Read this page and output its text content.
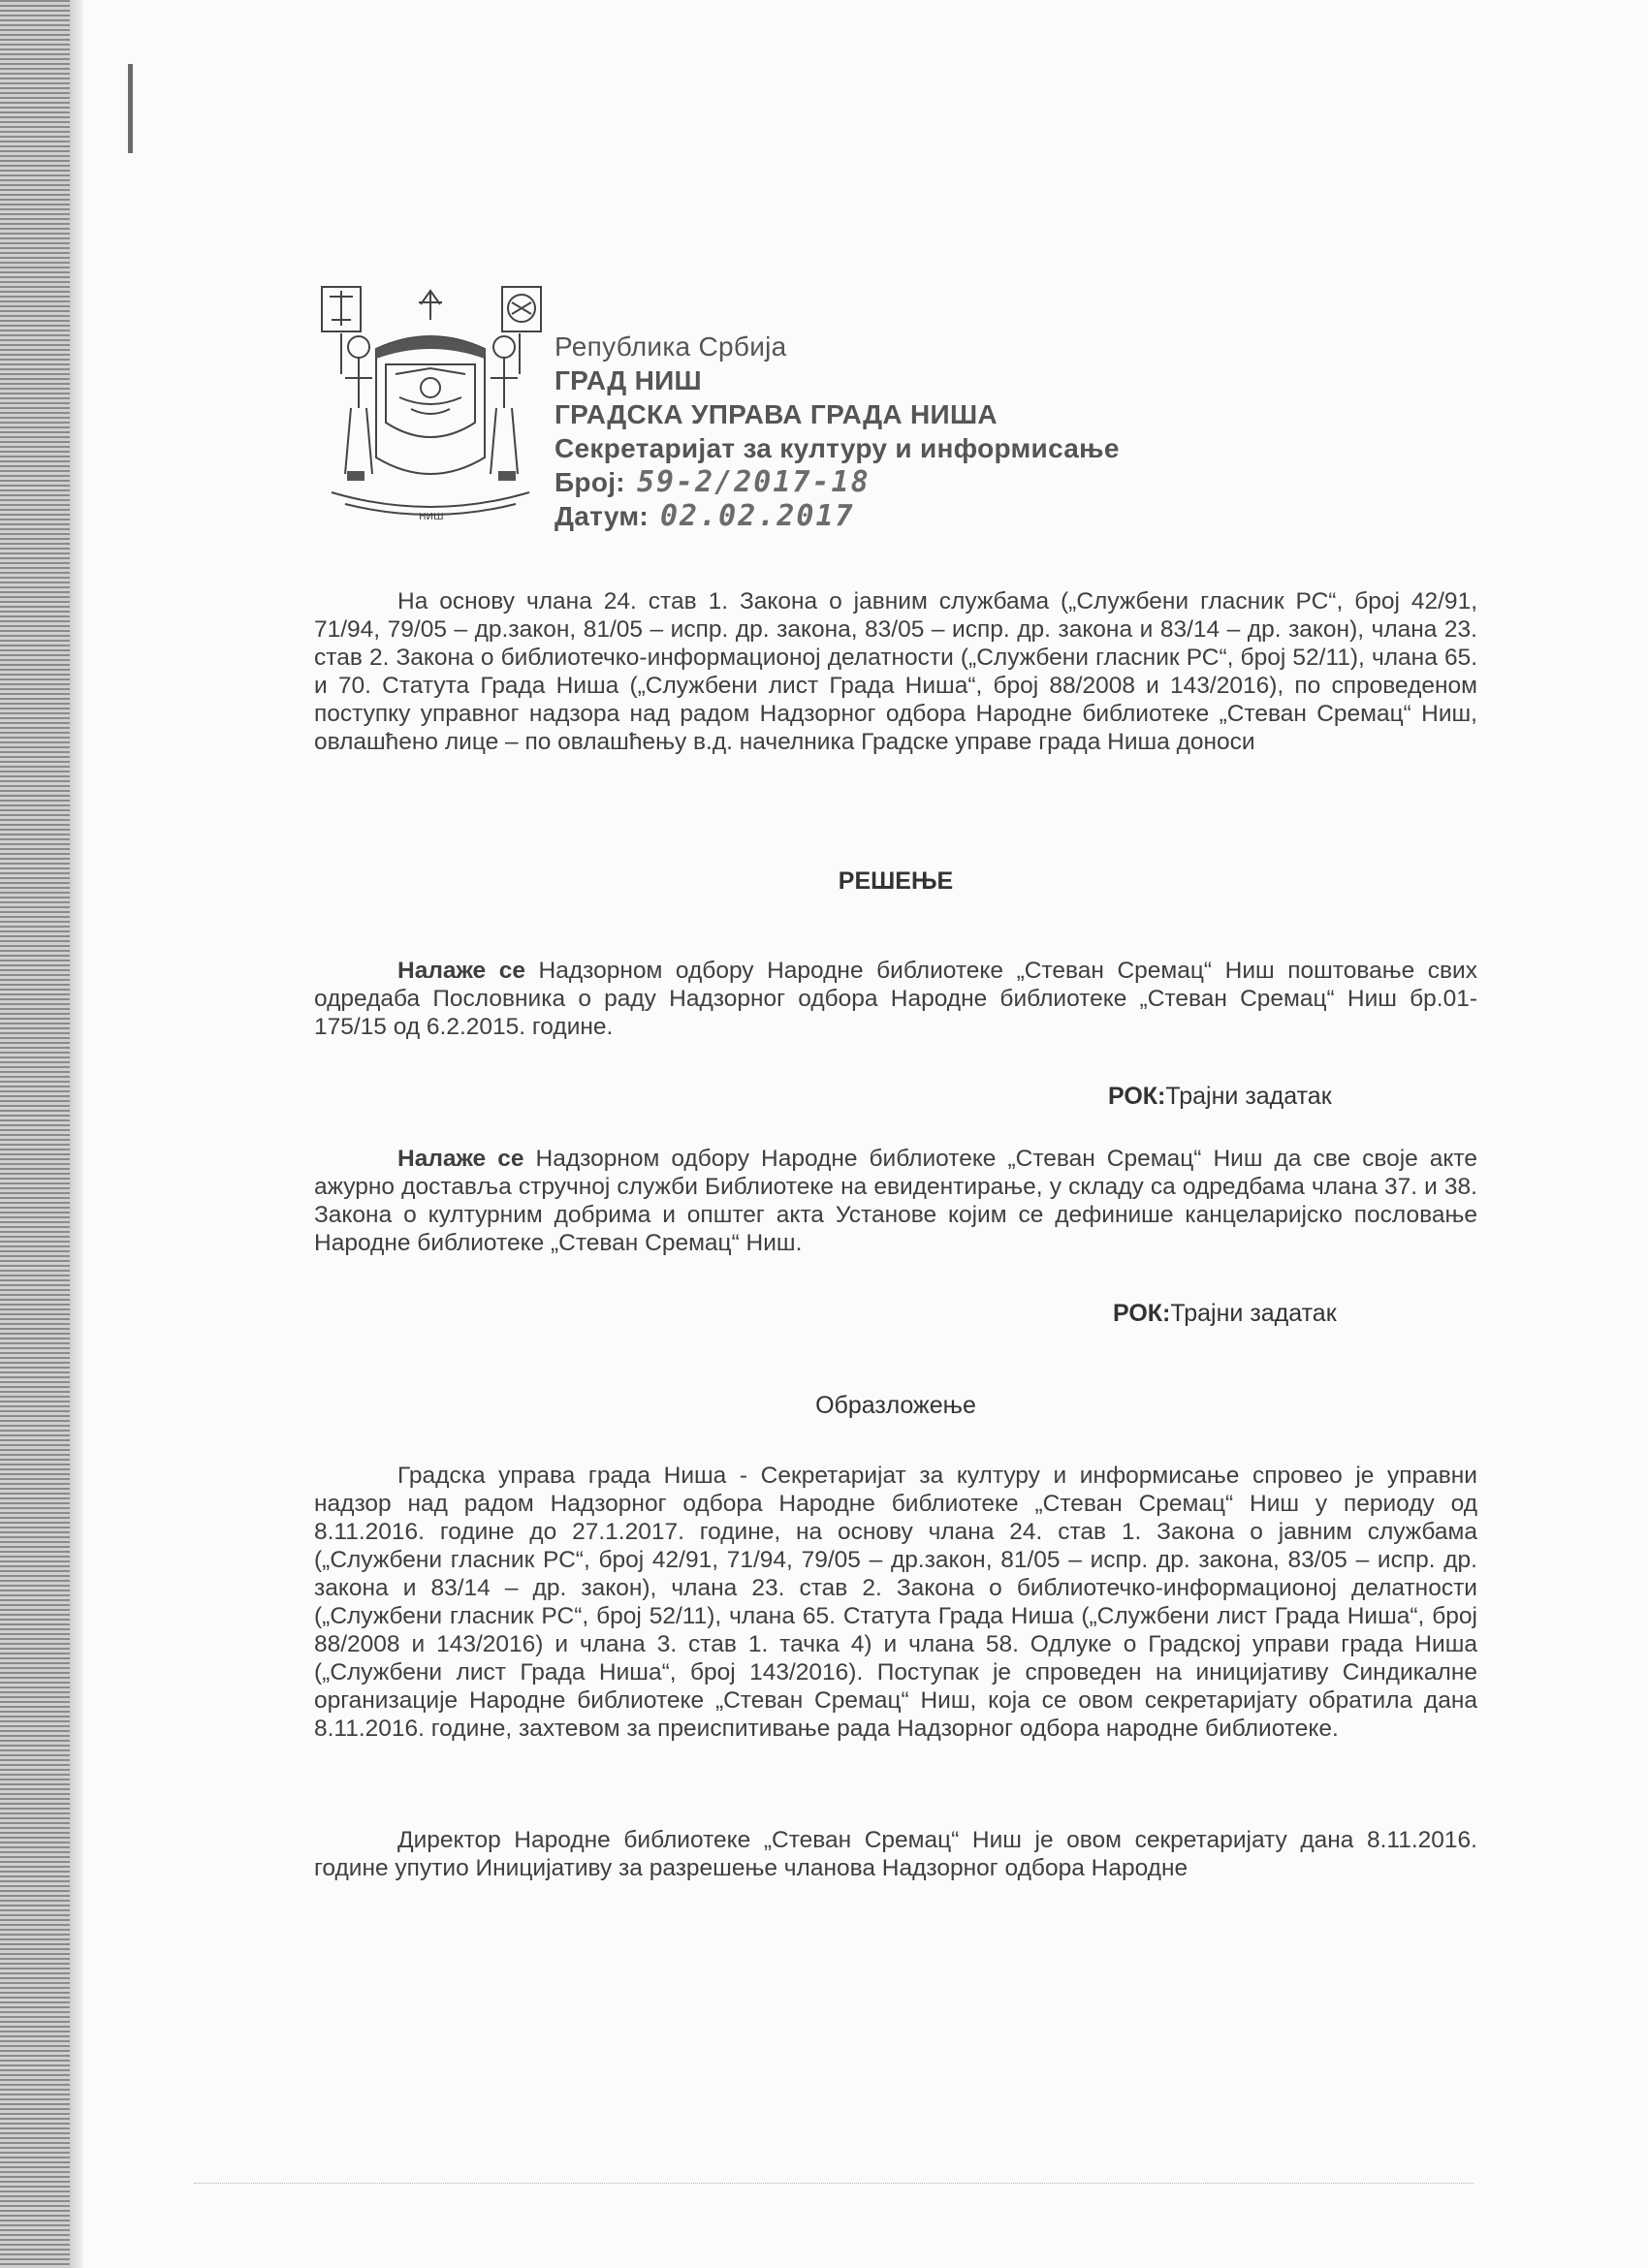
НИШ
Република Србија
ГРАД НИШ
ГРАДСКА УПРАВА ГРАДА НИША
Секретаријат за културу и информисање
Број: 59-2/2017-18
Датум: 02.02.2017

На основу члана 24. став 1. Закона о јавним службама („Службени гласник РС“, број 42/91, 71/94, 79/05 – др.закон, 81/05 – испр. др. закона, 83/05 – испр. др. закона и 83/14 – др. закон), члана 23. став 2. Закона о библиотечко-информационој делатности („Службени гласник РС“, број 52/11), члана 65. и 70. Статута Града Ниша („Службени лист Града Ниша“, број 88/2008 и 143/2016), по спроведеном поступку управног надзора над радом Надзорног одбора Народне библиотеке „Стеван Сремац“ Ниш, овлашћено лице – по овлашћењу в.д. начелника Градске управе града Ниша доноси

РЕШЕЊЕ

Налаже се Надзорном одбору Народне библиотеке „Стеван Сремац“ Ниш поштовање свих одредаба Пословника о раду Надзорног одбора Народне библиотеке „Стеван Сремац“ Ниш бр.01-175/15 од 6.2.2015. године.

РОК:Трајни задатак

Налаже се Надзорном одбору Народне библиотеке „Стеван Сремац“ Ниш да све своје акте ажурно доставља стручној служби Библиотеке на евидентирање, у складу са одредбама члана 37. и 38. Закона о културним добрима и општег акта Установе којим се дефинише канцеларијско пословање Народне библиотеке „Стеван Сремац“ Ниш.

РОК:Трајни задатак
Образложење

Градска управа града Ниша - Секретаријат за културу и информисање спровео је управни надзор над радом Надзорног одбора Народне библиотеке „Стеван Сремац“ Ниш у периоду од 8.11.2016. године до 27.1.2017. године, на основу члана 24. став 1. Закона о јавним службама („Службени гласник РС“, број 42/91, 71/94, 79/05 – др.закон, 81/05 – испр. др. закона, 83/05 – испр. др. закона и 83/14 – др. закон), члана 23. став 2. Закона о библиотечко-информационој делатности („Службени гласник РС“, број 52/11), члана 65. Статута Града Ниша („Службени лист Града Ниша“, број 88/2008 и 143/2016) и члана 3. став 1. тачка 4) и члана 58. Одлуке о Градској управи града Ниша („Службени лист Града Ниша“, број 143/2016). Поступак је спроведен на иницијативу Синдикалне организације Народне библиотеке „Стеван Сремац“ Ниш, која се овом секретаријату обратила дана 8.11.2016. године, захтевом за преиспитивање рада Надзорног одбора народне библиотеке.

Директор Народне библиотеке „Стеван Сремац“ Ниш је овом секретаријату дана 8.11.2016. године упутио Иницијативу за разрешење чланова Надзорног одбора Народне
